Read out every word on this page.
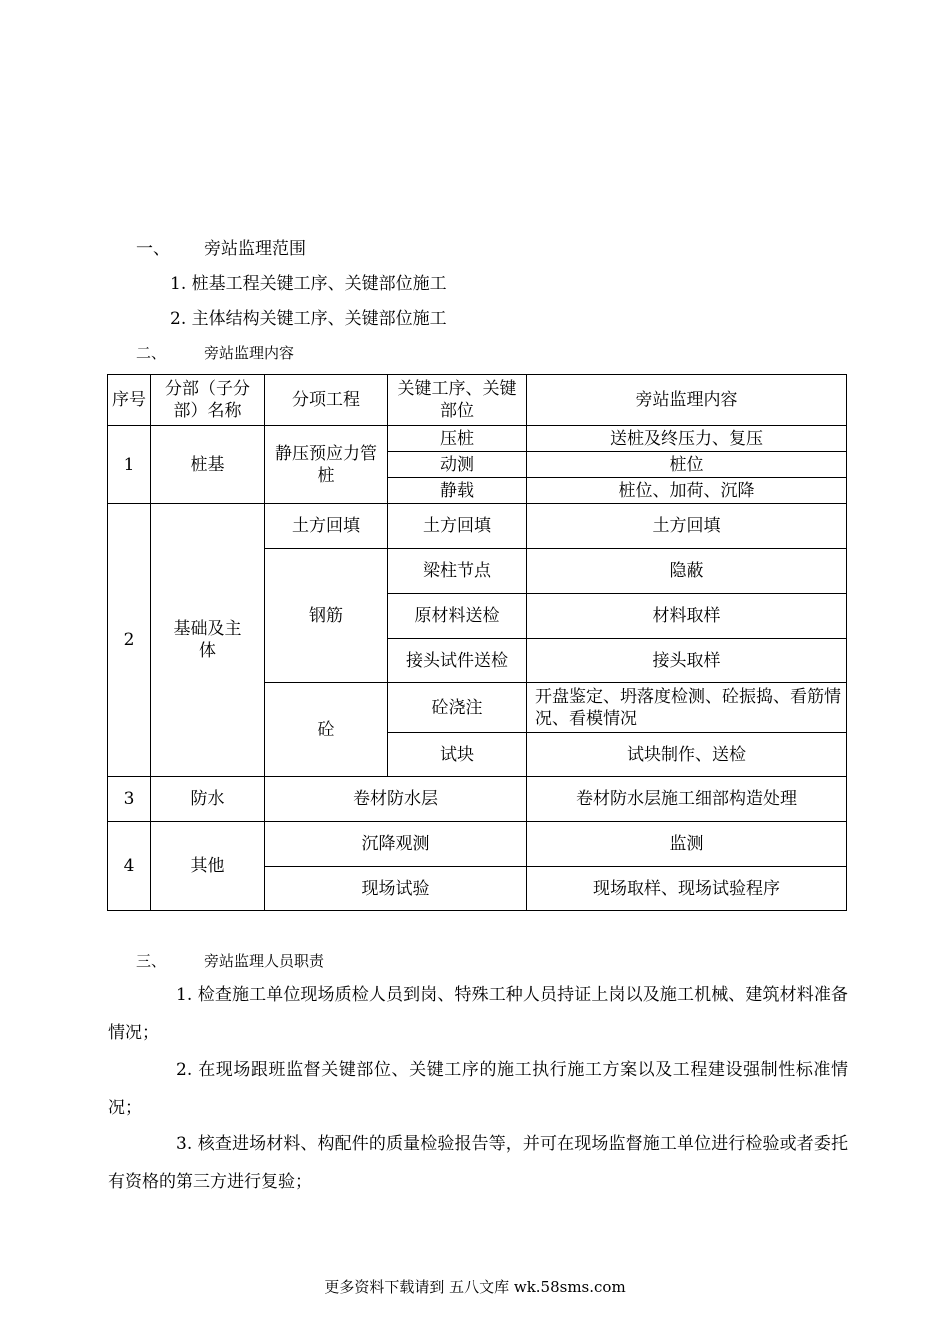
一、 旁站监理范围
1. 桩基工程关键工序、关键部位施工
2. 主体结构关键工序、关键部位施工
二、	旁站监理内容
序号	分部（子分部）名称	分项工程	关键工序、关键部位	旁站监理内容
1	桩基	静压预应力管桩	压桩	送桩及终压力、复压
			动测	桩位
			静载	桩位、加荷、沉降
2	基础及主体	土方回填	土方回填	土方回填
		钢筋	梁柱节点	隐蔽
			原材料送检	材料取样
			接头试件送检	接头取样
		砼	砼浇注	开盘鉴定、坍落度检测、砼振捣、看筋情况、看模情况
			试块	试块制作、送检

3	防水	卷材防水层		卷材防水层施工细部构造处理
4	其他	沉降观测		监测
		现场试验		现场取样、现场试验程序
三、	旁站监理人员职责
1. 检查施工单位现场质检人员到岗、特殊工种人员持证上岗以及施工机械、建筑材料准备情况；
2. 在现场跟班监督关键部位、关键工序的施工执行施工方案以及工程建设强制性标准情况；
3. 核查进场材料、构配件的质量检验报告等，并可在现场监督施工单位进行检验或者委托有资格的第三方进行复验；
更多资料下载请到 五八文库 wk.58sms.com
